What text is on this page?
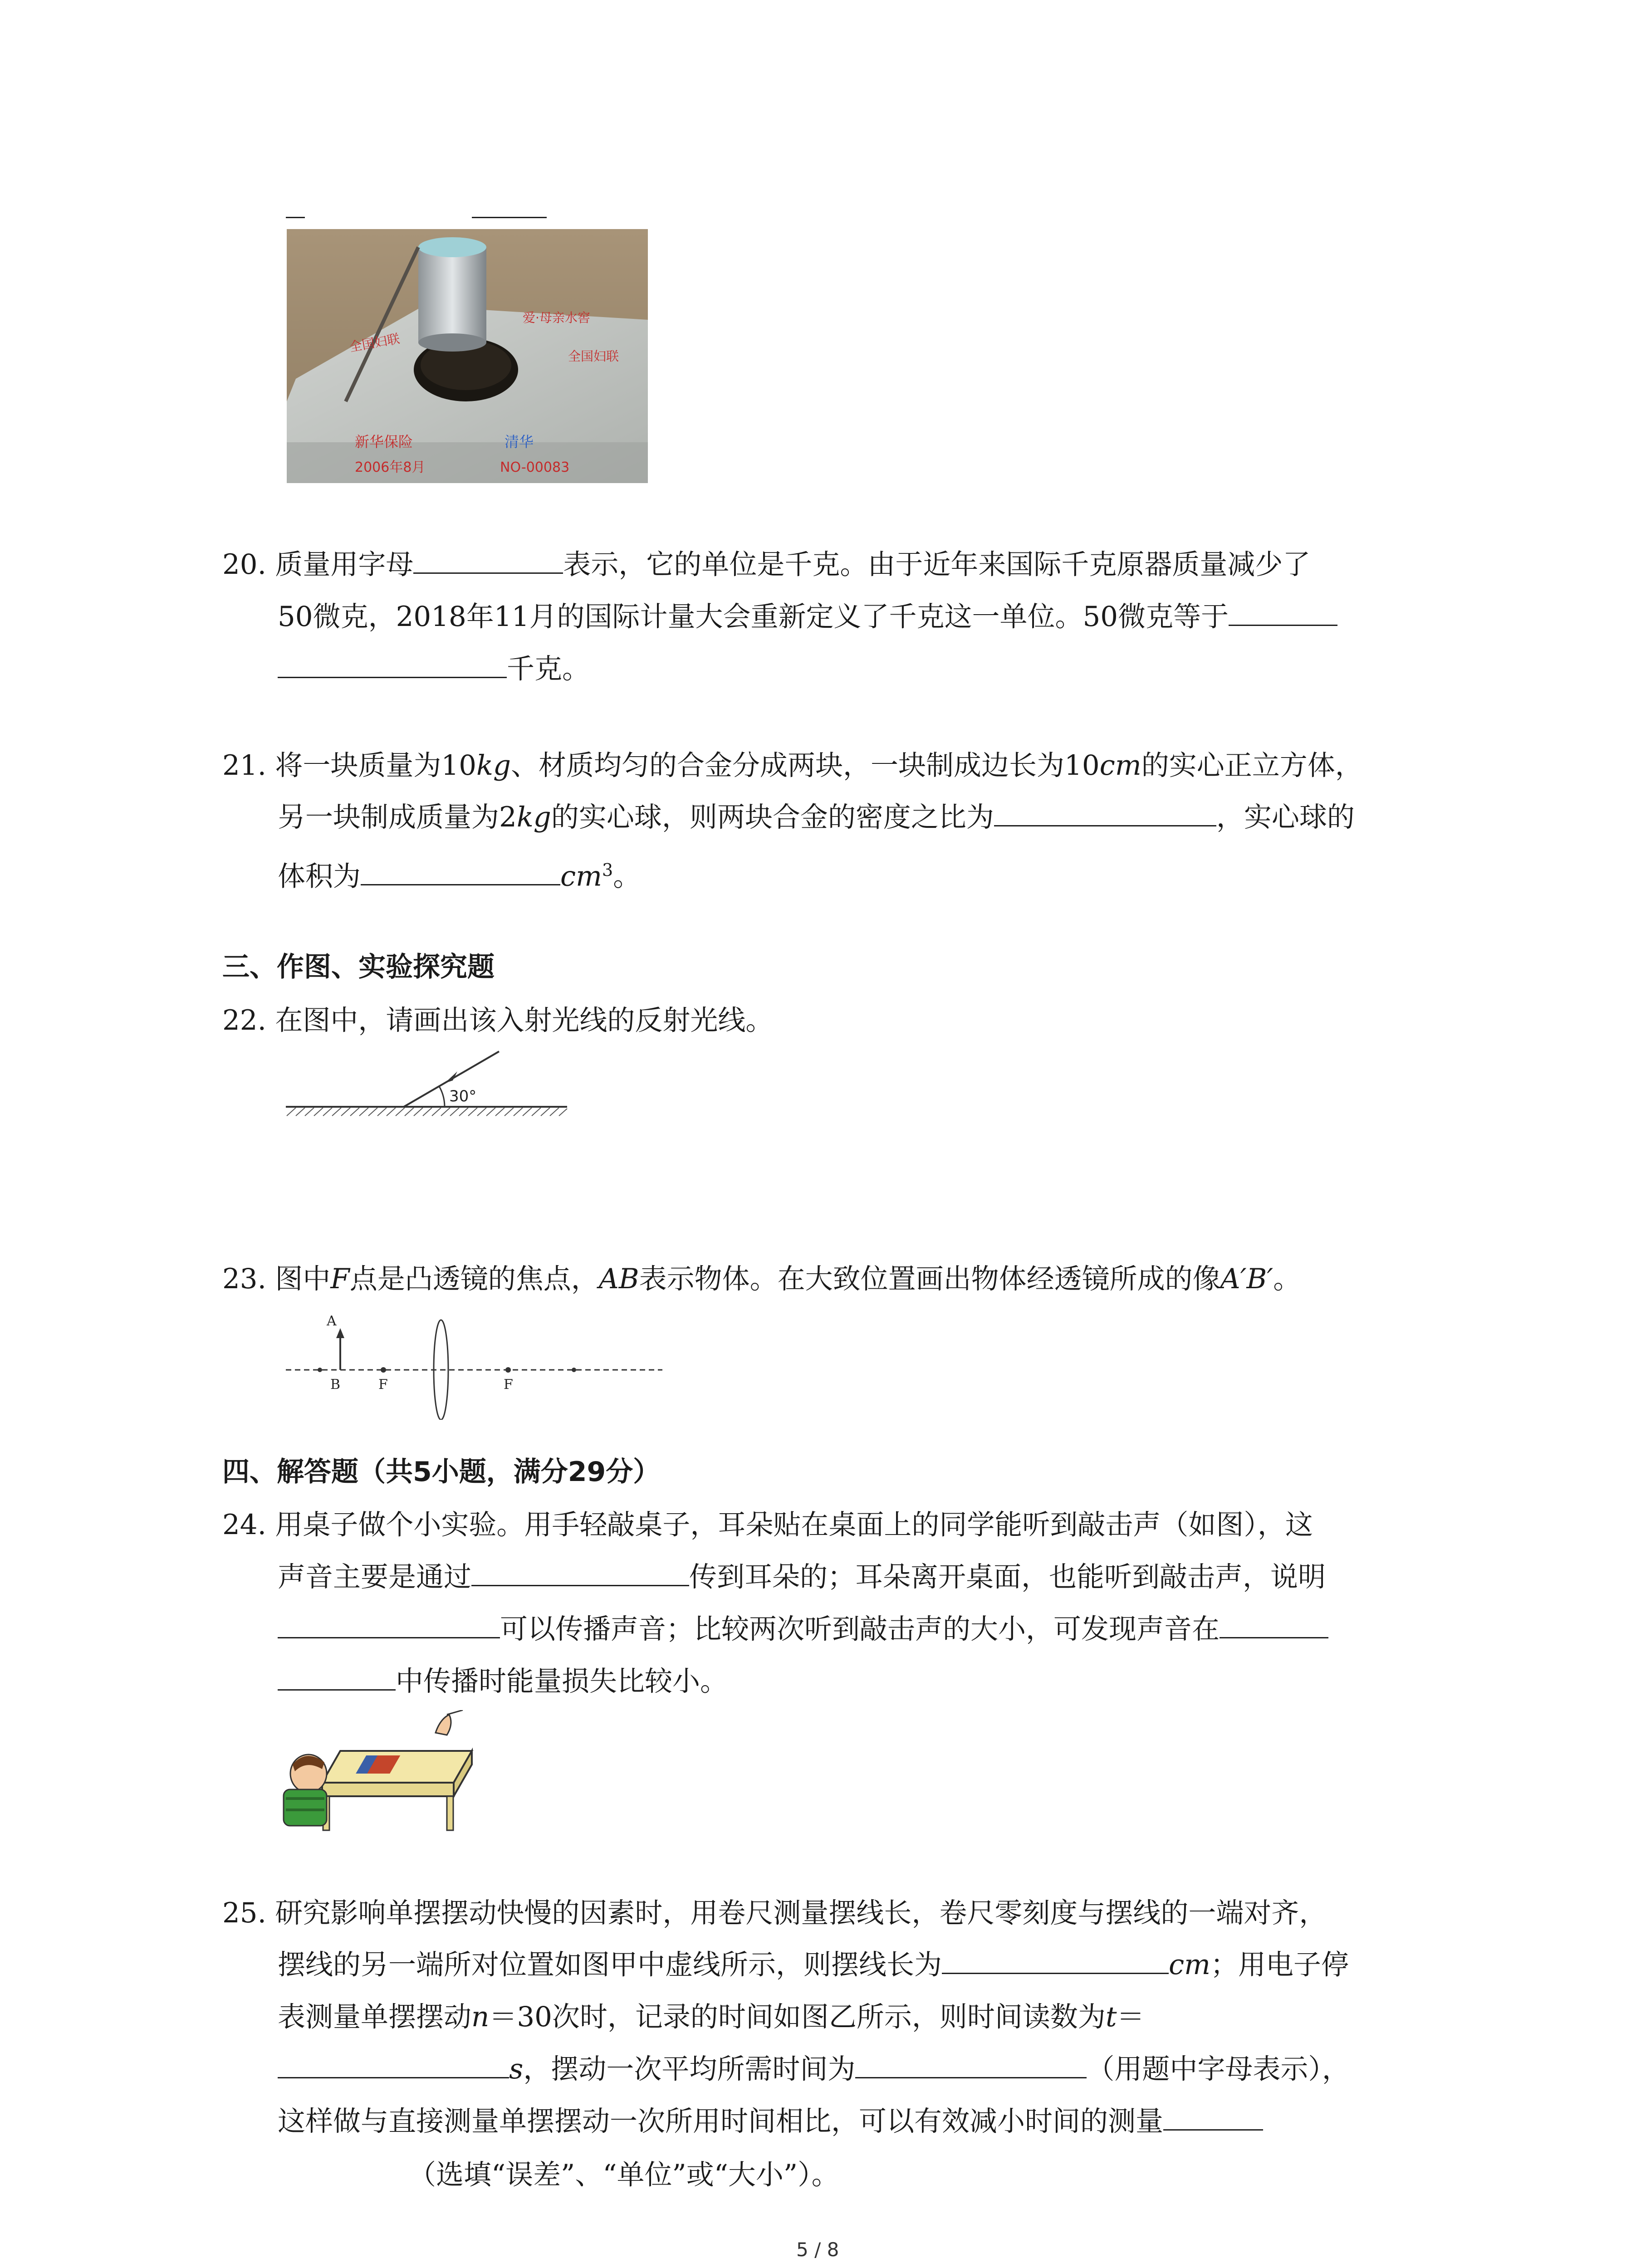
爱·母亲水窖
全国妇联
全国妇联
新华保险	清华
2006年8月	NO-00083
20. 质量用字母	表示，它的单位是千克。由于近年来国际千克原器质量减少了
50微克，2018年11月的国际计量大会重新定义了千克这一单位。50微克等于
千克。
21. 将一块质量为10kg、材质均匀的合金分成两块，一块制成边长为10cm的实心正立方体，
另一块制成质量为2kg的实心球，则两块合金的密度之比为	，实心球的
体积为	$cm^3$。
三、作图、实验探究题
22. 在图中，请画出该入射光线的反射光线。
30°
23. 图中F点是凸透镜的焦点，AB表示物体。在大致位置画出物体经透镜所成的像A′B′。
A
B	F	F
四、解答题（共5小题，满分29分）
24. 用桌子做个小实验。用手轻敲桌子，耳朵贴在桌面上的同学能听到敲击声（如图），这
声音主要是通过	传到耳朵的；耳朵离开桌面，也能听到敲击声，说明
可以传播声音；比较两次听到敲击声的大小，可发现声音在
中传播时能量损失比较小。
25. 研究影响单摆摆动快慢的因素时，用卷尺测量摆线长，卷尺零刻度与摆线的一端对齐，
摆线的另一端所对位置如图甲中虚线所示，则摆线长为	cm；用电子停
表测量单摆摆动n＝30次时，记录的时间如图乙所示，则时间读数为t＝
s，摆动一次平均所需时间为	（用题中字母表示），
这样做与直接测量单摆摆动一次所用时间相比，可以有效减小时间的测量
（选填“误差”、“单位”或“大小”）。
5 / 8
